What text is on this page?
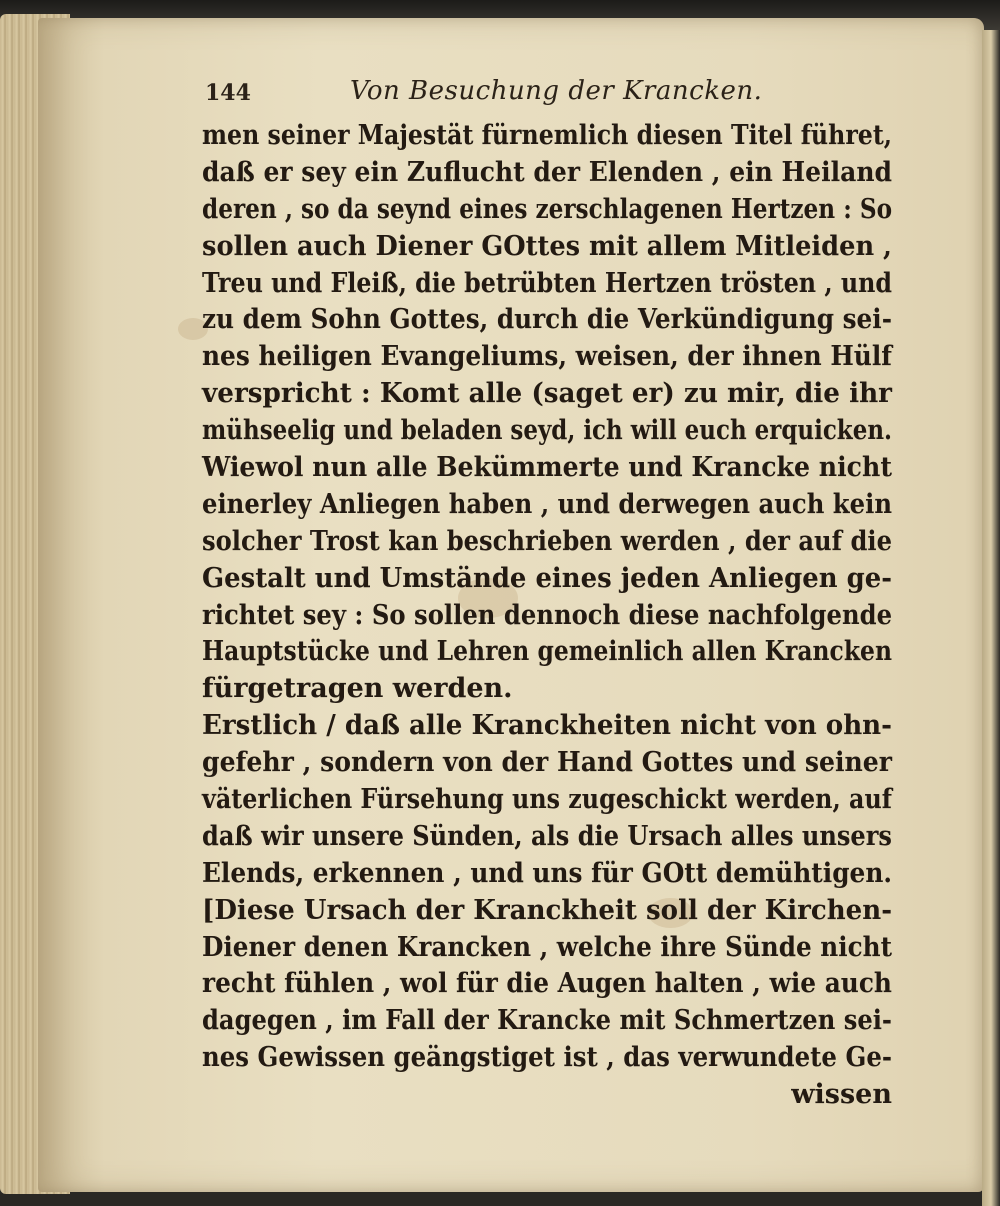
144	Von Besuchung der Krancken.
men seiner Majestät fürnemlich diesen Titel führet,
daß er sey ein Zuflucht der Elenden , ein Heiland
deren , so da seynd eines zerschlagenen Hertzen : So
sollen auch Diener GOttes mit allem Mitleiden ,
Treu und Fleiß, die betrübten Hertzen trösten , und
zu dem Sohn Gottes, durch die Verkündigung sei-
nes heiligen Evangeliums, weisen, der ihnen Hülf
verspricht : Komt alle (saget er) zu mir, die ihr
mühseelig und beladen seyd, ich will euch erquicken.
Wiewol nun alle Bekümmerte und Krancke nicht
einerley Anliegen haben , und derwegen auch kein
solcher Trost kan beschrieben werden , der auf die
Gestalt und Umstände eines jeden Anliegen ge-
richtet sey : So sollen dennoch diese nachfolgende
Hauptstücke und Lehren gemeinlich allen Krancken
fürgetragen werden.
Erstlich / daß alle Kranckheiten nicht von ohn-
gefehr , sondern von der Hand Gottes und seiner
väterlichen Fürsehung uns zugeschickt werden, auf
daß wir unsere Sünden, als die Ursach alles unsers
Elends, erkennen , und uns für GOtt demühtigen.
[Diese Ursach der Kranckheit soll der Kirchen-
Diener denen Krancken , welche ihre Sünde nicht
recht fühlen , wol für die Augen halten , wie auch
dagegen , im Fall der Krancke mit Schmertzen sei-
nes Gewissen geängstiget ist , das verwundete Ge-
wissen
